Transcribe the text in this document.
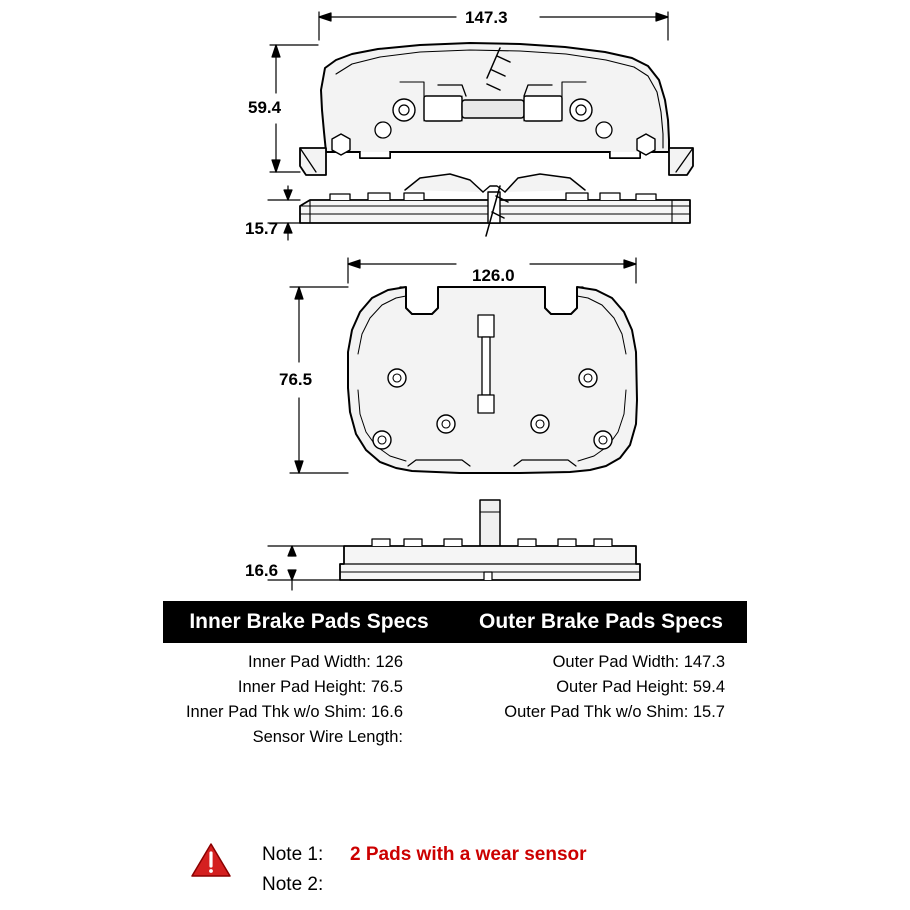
147.3
59.4
15.7
126.0
76.5
16.6
Inner Brake Pads Specs	Outer Brake Pads Specs
Inner Pad Width: 126
Inner Pad Height: 76.5
Inner Pad Thk w/o Shim: 16.6
Sensor Wire Length:
Outer Pad Width: 147.3
Outer Pad Height: 59.4
Outer Pad Thk w/o Shim: 15.7
Note 1:	2 Pads with a wear sensor
Note 2:
